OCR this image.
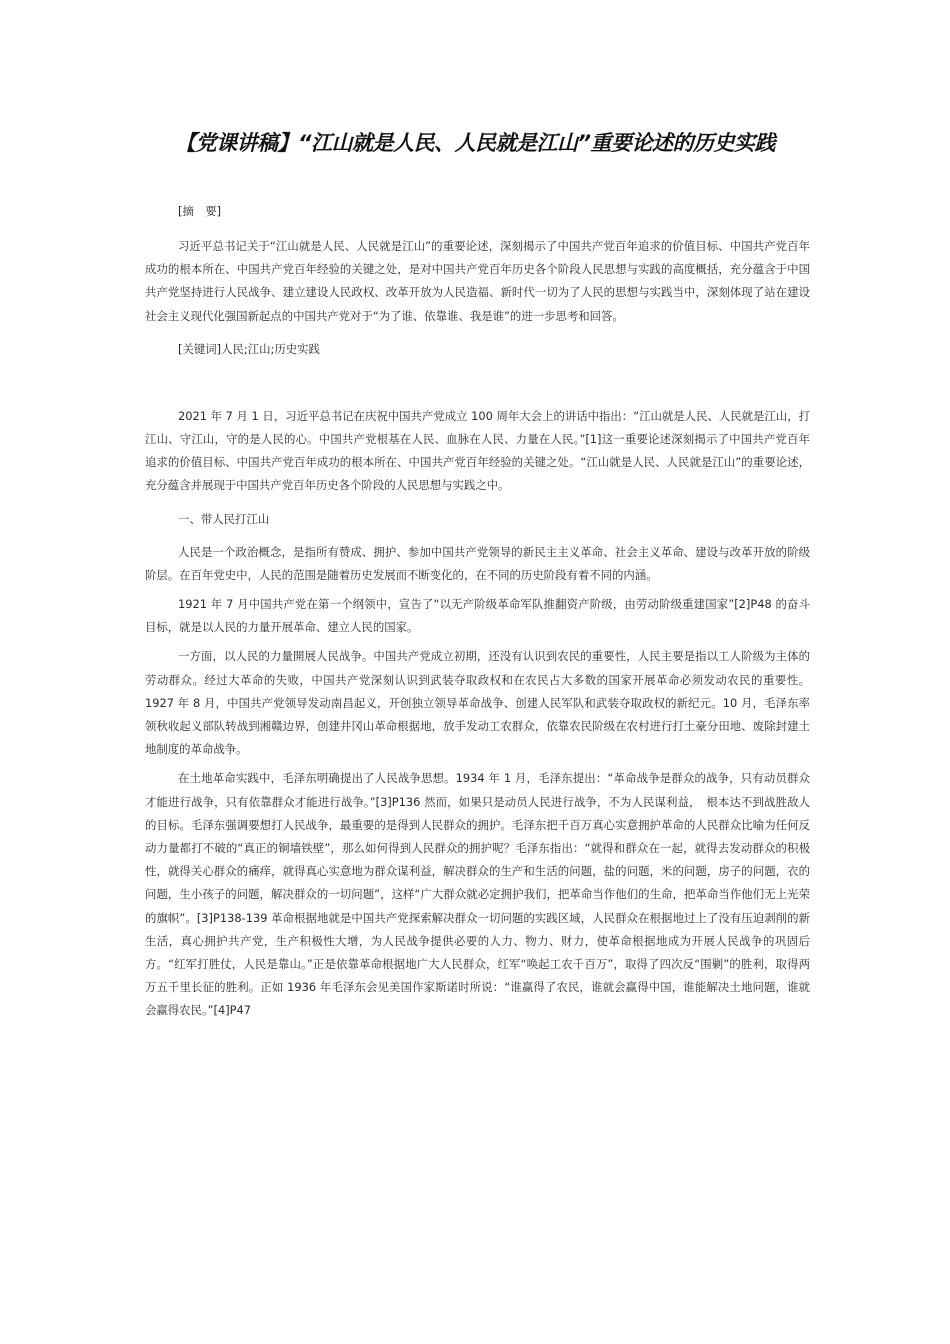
【党课讲稿】“江山就是人民、人民就是江山”重要论述的历史实践

[摘　要]

习近平总书记关于“江山就是人民、人民就是江山”的重要论述，深刻揭示了中国共产党百年追求的价值目标、中国共产党百年成功的根本所在、中国共产党百年经验的关键之处，是对中国共产党百年历史各个阶段人民思想与实践的高度概括，充分蕴含于中国共产党坚持进行人民战争、建立建设人民政权、改革开放为人民造福、新时代一切为了人民的思想与实践当中，深刻体现了站在建设社会主义现代化强国新起点的中国共产党对于“为了谁、依靠谁、我是谁”的进一步思考和回答。

[关键词]人民;江山;历史实践

2021 年 7 月 1 日，习近平总书记在庆祝中国共产党成立 100 周年大会上的讲话中指出：“江山就是人民、人民就是江山，打江山、守江山，守的是人民的心。中国共产党根基在人民、血脉在人民、力量在人民。”[1]这一重要论述深刻揭示了中国共产党百年追求的价值目标、中国共产党百年成功的根本所在、中国共产党百年经验的关键之处。“江山就是人民、人民就是江山”的重要论述，充分蕴含并展现于中国共产党百年历史各个阶段的人民思想与实践之中。

一、带人民打江山

人民是一个政治概念，是指所有赞成、拥护、参加中国共产党领导的新民主主义革命、社会主义革命、建设与改革开放的阶级阶层。在百年党史中，人民的范围是随着历史发展而不断变化的，在不同的历史阶段有着不同的内涵。

1921 年 7 月中国共产党在第一个纲领中，宣告了“以无产阶级革命军队推翻资产阶级，由劳动阶级重建国家”[2]P48 的奋斗目标，就是以人民的力量开展革命、建立人民的国家。

一方面，以人民的力量開展人民战争。中国共产党成立初期，还没有认识到农民的重要性，人民主要是指以工人阶级为主体的劳动群众。经过大革命的失败，中国共产党深刻认识到武装夺取政权和在农民占大多数的国家开展革命必须发动农民的重要性。1927 年 8 月，中国共产党领导发动南昌起义，开创独立领导革命战争、创建人民军队和武装夺取政权的新纪元。10 月，毛泽东率领秋收起义部队转战到湘赣边界，创建井冈山革命根据地，放手发动工农群众，依靠农民阶级在农村进行打土豪分田地、废除封建土地制度的革命战争。

在土地革命实践中，毛泽东明确提出了人民战争思想。1934 年 1 月，毛泽东提出：“革命战争是群众的战争，只有动员群众才能进行战争，只有依靠群众才能进行战争。”[3]P136 然而，如果只是动员人民进行战争，不为人民谋利益，　根本达不到战胜敌人的目标。毛泽东强调要想打人民战争，最重要的是得到人民群众的拥护。毛泽东把千百万真心实意拥护革命的人民群众比喻为任何反动力量都打不破的“真正的铜墙铁壁”，那么如何得到人民群众的拥护呢？毛泽东指出：“就得和群众在一起，就得去发动群众的积极性，就得关心群众的痛痒，就得真心实意地为群众谋利益，解决群众的生产和生活的问题，盐的问题，米的问题，房子的问题，衣的问题，生小孩子的问题，解决群众的一切问题”，这样“广大群众就必定拥护我们，把革命当作他们的生命，把革命当作他们无上光荣的旗帜”。[3]P138-139 革命根据地就是中国共产党探索解决群众一切问题的实践区域，人民群众在根据地过上了没有压迫剥削的新生活，真心拥护共产党，生产积极性大增，为人民战争提供必要的人力、物力、财力，使革命根据地成为开展人民战争的巩固后方。“红军打胜仗，人民是靠山。”正是依靠革命根据地广大人民群众，红军“唤起工农千百万”，取得了四次反“围剿”的胜利，取得两万五千里长征的胜利。正如 1936 年毛泽东会见美国作家斯诺时所说：“谁赢得了农民，谁就会赢得中国，谁能解决土地问题，谁就会赢得农民。”[4]P47
